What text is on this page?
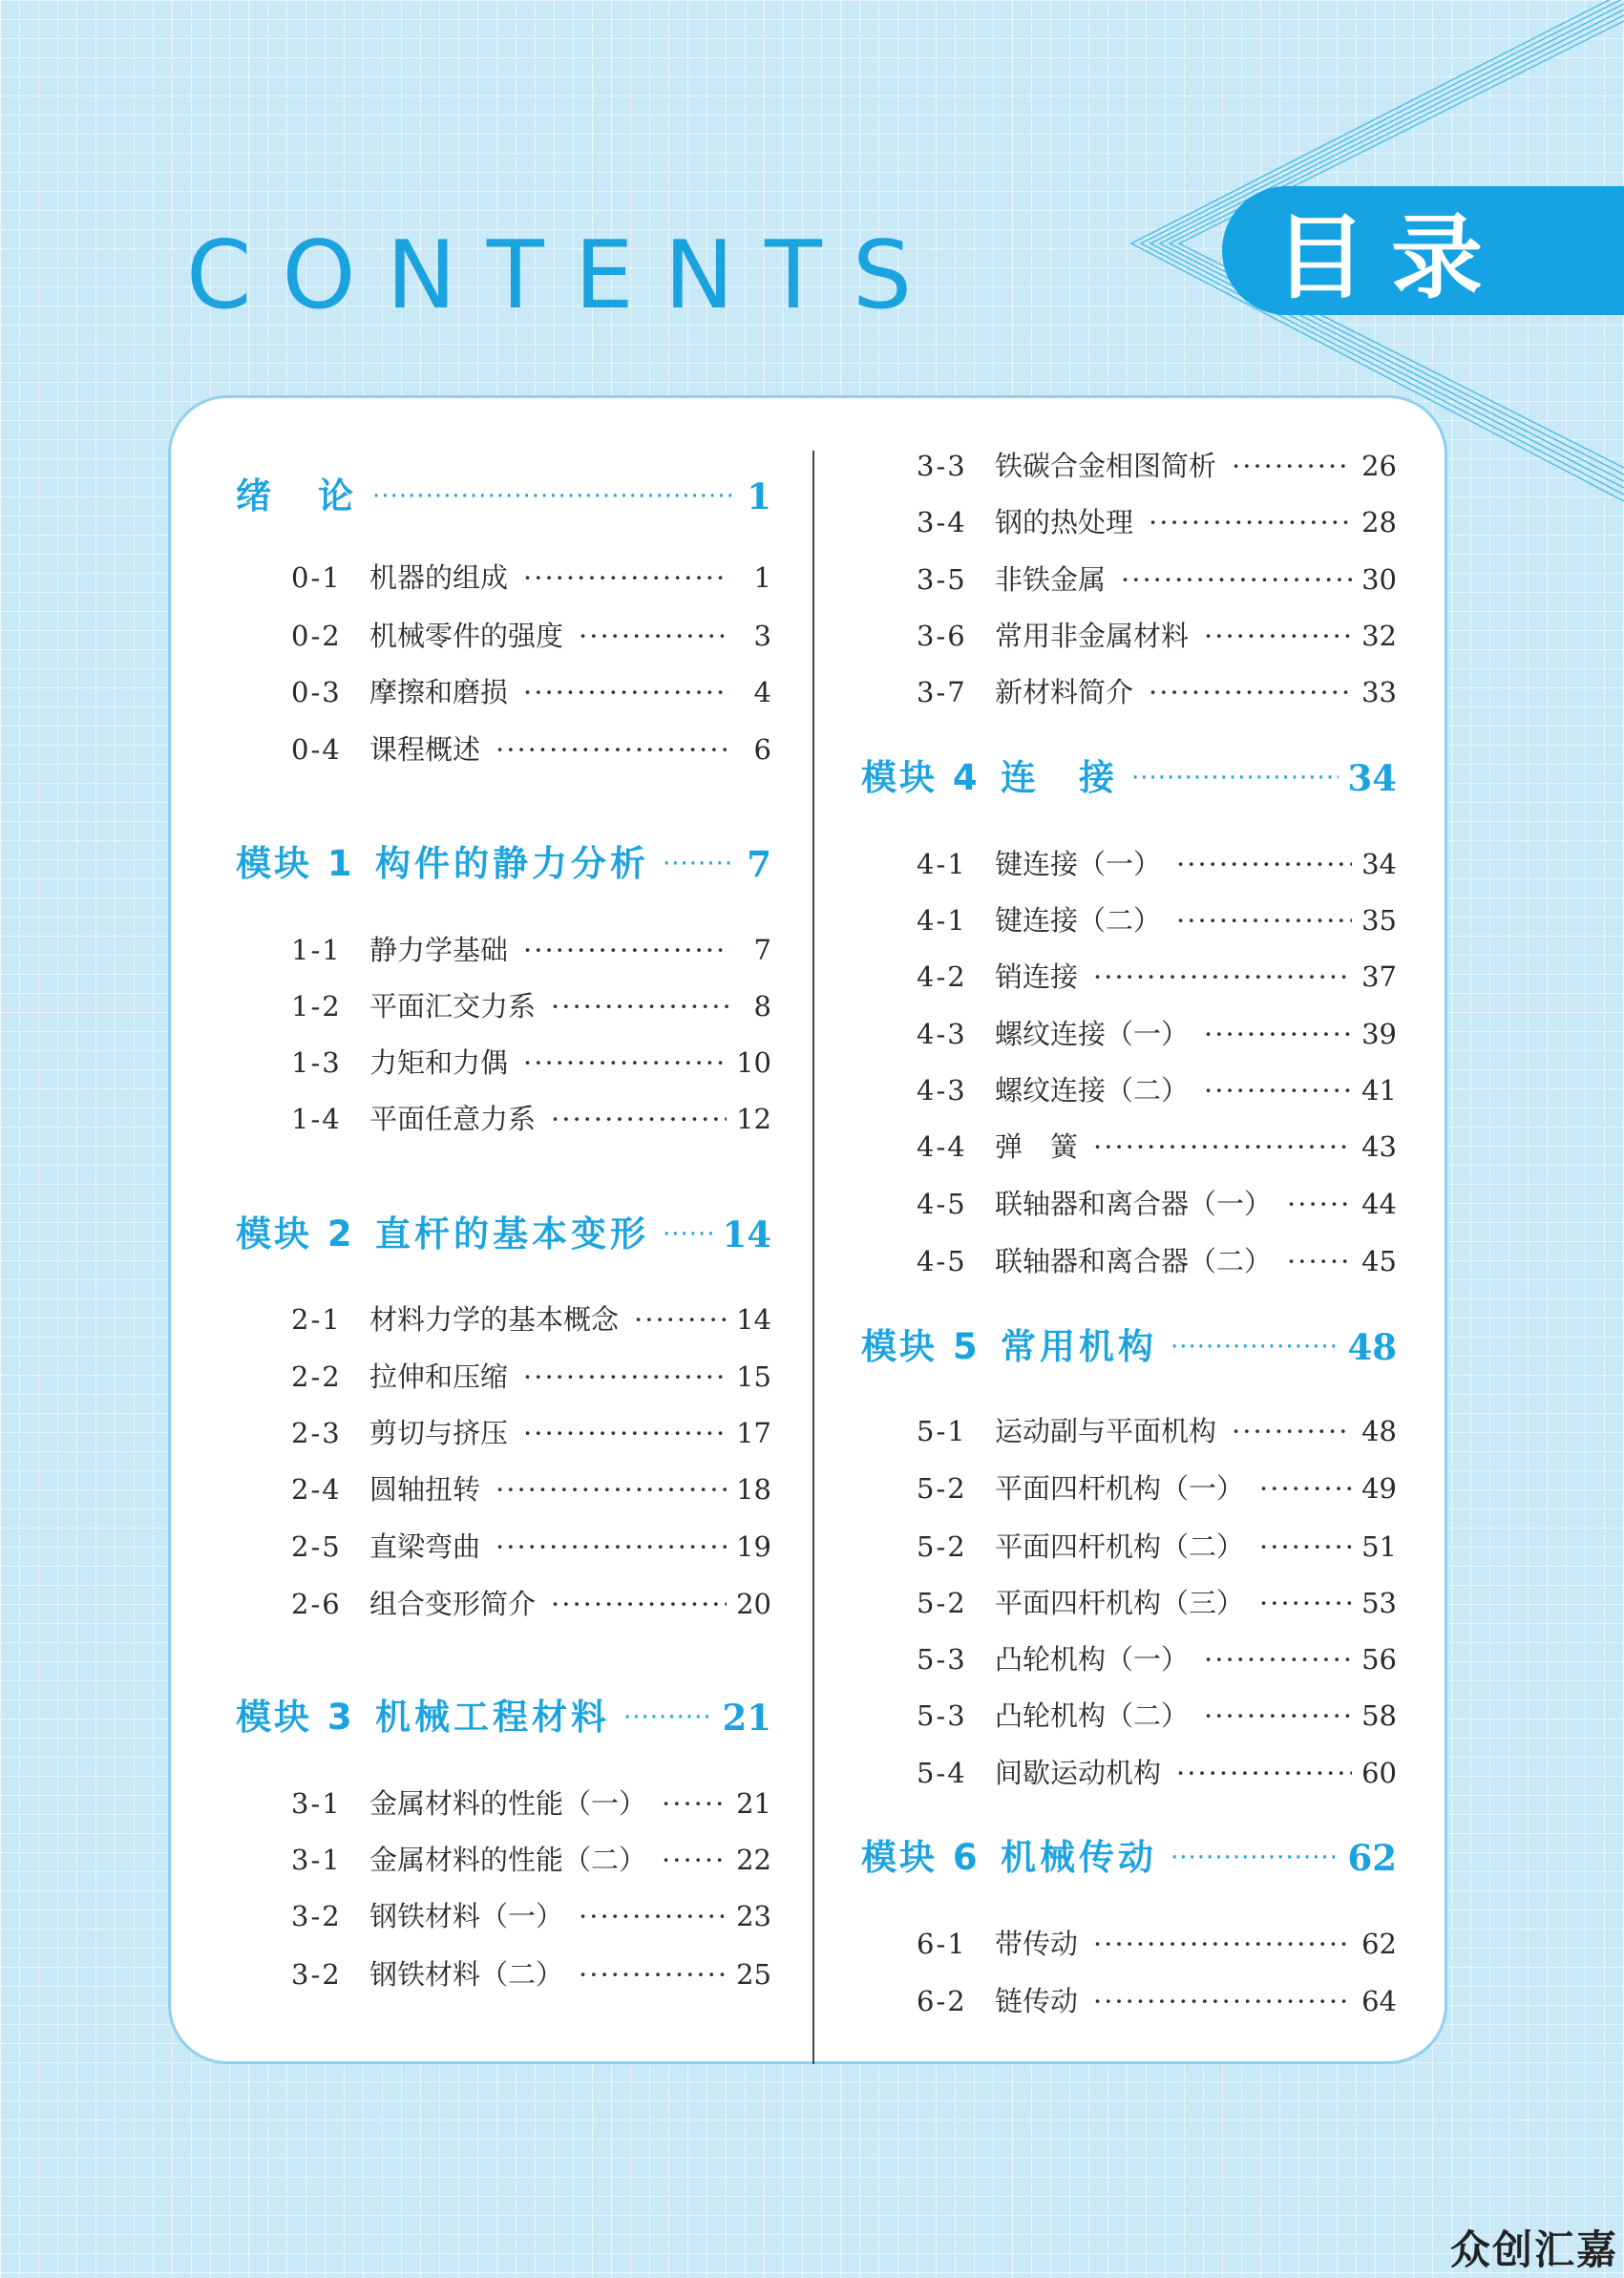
CONTENTS	目录
绪　论 ·····	1
0-1	机器的组成 ·····	1
0-2	机械零件的强度 ·····	3
0-3	摩擦和磨损 ·····	4
0-4	课程概述 ·····	6
模块 1 构件的静力分析 ·····	7
1-1	静力学基础 ·····	7
1-2	平面汇交力系 ·····	8
1-3	力矩和力偶 ·····	10
1-4	平面任意力系 ·····	12
模块 2 直杆的基本变形 ····· 14
2-1	材料力学的基本概念 ·····	14
2-2	拉伸和压缩 ·····	15
2-3	剪切与挤压 ·····	17
2-4	圆轴扭转 ·····	18
2-5	直梁弯曲 ·····	19
2-6	组合变形简介 ·····	20
模块 3 机械工程材料 ·····	21
3-1	金属材料的性能（一） ·····	21
3-1	金属材料的性能（二） ·····	22
3-2	钢铁材料（一） ·····	23
3-2	钢铁材料（二） ·····	25
3-3	铁碳合金相图简析 ·····	26
3-4	钢的热处理 ·····	28
3-5	非铁金属 ·····	30
3-6	常用非金属材料 ·····	32
3-7	新材料简介 ·····	33
模块 4 连　接 ·····	34
4-1	键连接（一） ·····	34
4-1	键连接（二） ·····	35
4-2	销连接 ·····	37
4-3	螺纹连接（一） ·····	39
4-3	螺纹连接（二） ·····	41
4-4	弹　簧 ·····	43
4-5	联轴器和离合器（一） ·····	44
4-5	联轴器和离合器（二） ·····	45
模块 5 常用机构 ·····	48
5-1	运动副与平面机构 ·····	48
5-2	平面四杆机构（一） ·····	49
5-2	平面四杆机构（二） ·····	51
5-2	平面四杆机构（三） ·····	53
5-3	凸轮机构（一） ·····	56
5-3	凸轮机构（二） ·····	58
5-4	间歇运动机构 ·····	60
模块 6 机械传动 ·····	62
6-1	带传动 ·····	62
6-2	链传动 ·····	64
众创汇嘉
